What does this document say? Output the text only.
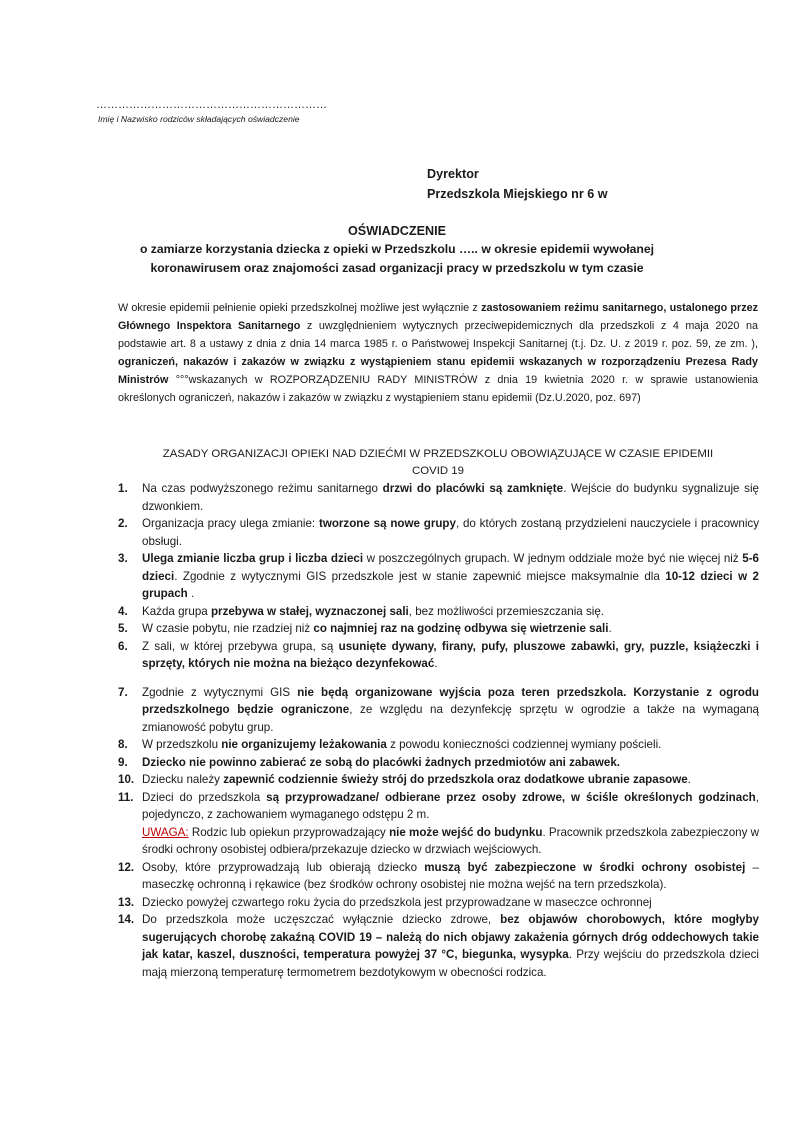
………………………………………………………
Imię i Nazwisko rodziców składających oświadczenie
Dyrektor
Przedszkola Miejskiego nr 6 w
OŚWIADCZENIE
o zamiarze korzystania dziecka z opieki w Przedszkolu ….. w okresie epidemii wywołanej
koronawirusem oraz znajomości zasad organizacji pracy w przedszkolu w tym czasie

W okresie epidemii pełnienie opieki przedszkolnej możliwe jest wyłącznie z zastosowaniem reżimu sanitarnego, ustalonego przez Głównego Inspektora Sanitarnego z uwzględnieniem wytycznych przeciwepidemicznych dla przedszkoli z 4 maja 2020 na podstawie art. 8 a ustawy z dnia z dnia 14 marca 1985 r. o Państwowej Inspekcji Sanitarnej (t.j. Dz. U. z 2019 r. poz. 59, ze zm. ), ograniczeń, nakazów i zakazów w związku z wystąpieniem stanu epidemii wskazanych w rozporządzeniu Prezesa Rady Ministrów °°°wskazanych w ROZPORZĄDZENIU RADY MINISTRÓW z dnia 19 kwietnia 2020 r. w sprawie ustanowienia określonych ograniczeń, nakazów i zakazów w związku z wystąpieniem stanu epidemii (Dz.U.2020, poz. 697)

ZASADY ORGANIZACJI OPIEKI NAD DZIEĆMI W PRZEDSZKOLU OBOWIĄZUJĄCE W CZASIE EPIDEMII
COVID 19
1. Na czas podwyższonego reżimu sanitarnego drzwi do placówki są zamknięte. Wejście do budynku sygnalizuje się dzwonkiem.
2. Organizacja pracy ulega zmianie: tworzone są nowe grupy, do których zostaną przydzieleni nauczyciele i pracownicy obsługi.
3. Ulega zmianie liczba grup i liczba dzieci w poszczególnych grupach. W jednym oddziale może być nie więcej niż 5-6 dzieci. Zgodnie z wytycznymi GIS przedszkole jest w stanie zapewnić miejsce maksymalnie dla 10-12 dzieci w 2 grupach .
4. Każda grupa przebywa w stałej, wyznaczonej sali, bez możliwości przemieszczania się.
5. W czasie pobytu, nie rzadziej niż co najmniej raz na godzinę odbywa się wietrzenie sali.
6. Z sali, w której przebywa grupa, są usunięte dywany, firany, pufy, pluszowe zabawki, gry, puzzle, książeczki i sprzęty, których nie można na bieżąco dezynfekować.
7. Zgodnie z wytycznymi GIS nie będą organizowane wyjścia poza teren przedszkola. Korzystanie z ogrodu przedszkolnego będzie ograniczone, ze względu na dezynfekcję sprzętu w ogrodzie a także na wymaganą zmianowość pobytu grup.
8. W przedszkolu nie organizujemy leżakowania z powodu konieczności codziennej wymiany pościeli.
9. Dziecko nie powinno zabierać ze sobą do placówki żadnych przedmiotów ani zabawek.
10. Dziecku należy zapewnić codziennie świeży strój do przedszkola oraz dodatkowe ubranie zapasowe.
11. Dzieci do przedszkola są przyprowadzane/ odbierane przez osoby zdrowe, w ściśle określonych godzinach, pojedynczo, z zachowaniem wymaganego odstępu 2 m.
UWAGA: Rodzic lub opiekun przyprowadzający nie może wejść do budynku. Pracownik przedszkola zabezpieczony w środki ochrony osobistej odbiera/przekazuje dziecko w drzwiach wejściowych.
12. Osoby, które przyprowadzają lub obierają dziecko muszą być zabezpieczone w środki ochrony osobistej – maseczkę ochronną i rękawice (bez środków ochrony osobistej nie można wejść na tern przedszkola).
13. Dziecko powyżej czwartego roku życia do przedszkola jest przyprowadzane w maseczce ochronnej
14. Do przedszkola może uczęszczać wyłącznie dziecko zdrowe, bez objawów chorobowych, które mogłyby sugerujących chorobę zakaźną COVID 19 – należą do nich objawy zakażenia górnych dróg oddechowych takie jak katar, kaszel, duszności, temperatura powyżej 37 °C, biegunka, wysypka. Przy wejściu do przedszkola dzieci mają mierzoną temperaturę termometrem bezdotykowym w obecności rodzica.
